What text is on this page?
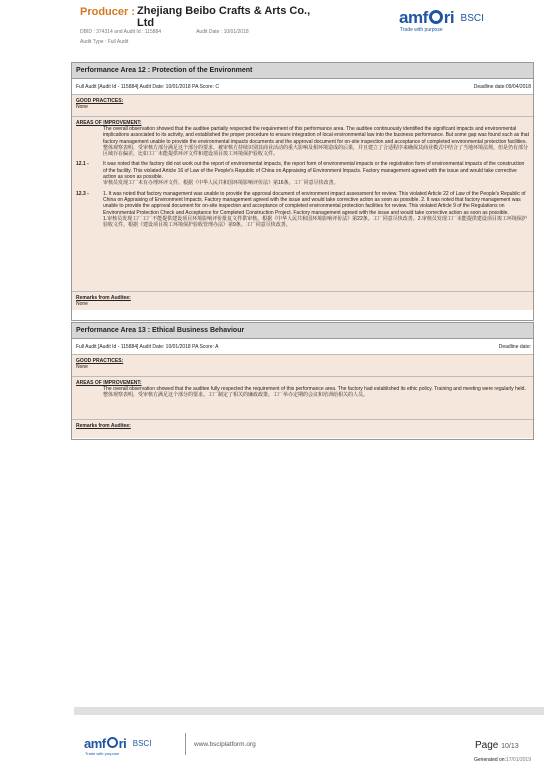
Producer : Zhejiang Beibo Crafts & Arts Co., Ltd
DBID : 374314 and Audit Id : 115884	Audit Date : 10/01/2018
Audit Type : Full Audit
amf ri BSCI
Trade with purpose
Performance Area 12 : Protection of the Environment
Full Audit [Audit Id - 115884] Audit Date: 10/01/2018 PA Score: C	Deadline date:09/04/2018
GOOD PRACTICES:
None
AREAS OF IMPROVEMENT:
The overall observation showed that the auditee partially respected the requirement of this performance area. The auditee continuously identified the significant impacts and environmental implications associated to its activity, and established the proper procedure to ensure integration of local environmental law into the business performance. But some gap was found such as that factory management unable to provide the environmental impacts documents and the approval document for on-site inspection and acceptance of completed environmental protection facilities.
整体观察表明，受审核方部分满足这个部分的要求。被审核方持续识别其商业活动的重大影响及相环境造成的后果，并且建立了合适程序来确保其商业模式中结合了当地环境法规。但是仍有部分区域存在偏差，比如工厂未能提供环评文件和建设项目竣工环境保护验收文件。
12.1 -	It was noted that the factory did not work out the report of environmental impacts, the report form of environmental impacts or the registration form of environmental impacts of the construction of the facility. This violated Article 16 of Law of the People's Republic of China on Appraising of Environment Impacts. Factory management agreed with the issue and would take corrective action as soon as possible.
审核员发现工厂未有办理环评文件。根据《中华人民共和国环境影响评价法》第16条。工厂同意尽快改善。
12.3 -	1. It was noted that factory management was unable to provide the approval document of environment impact assessment for review. This violated Article 22 of Law of the People's Republic of China on Appraising of Environment Impacts. Factory management agreed with the issue and would take corrective action as soon as possible. 2. It was noted that factory management was unable to provide the approval document for on-site inspection and acceptance of completed environmental protection facilities for review. This violated Article 9 of the Regulations on Environmental Protection Check and Acceptance for Completed Construction Project. Factory management agreed with the issue and would take corrective action as soon as possible.
1.审核员发现工厂工厂不能提供建设项目环境影响评价批复文件供审核。根据《中华人民共和国环境影响评价法》第22条。工厂同意尽快改善。2.审核员发现工厂未能提供建设项目竣工环境保护验收文件。根据《建设项目竣工环境保护验收管理办法》第9条。工厂同意尽快改善。
Remarks from Auditee:
None
Performance Area 13 : Ethical Business Behaviour
Full Audit [Audit Id - 115884] Audit Date: 10/01/2018 PA Score: A	Deadline date:
GOOD PRACTICES:
None
AREAS OF IMPROVEMENT:
The overall observation showed that the auditee fully respected the requirement of this performance area. The factory had established its ethic policy. Training and meeting were regularly held.
整体观察表明，受审核方满足这个部分的要求。工厂制定了相关的廉政政策。工厂举办定期的会议和培训给相关的人员。
Remarks from Auditee:
amf ri BSCI
Trade with purpose
www.bsciplatform.org	Page 10/13
Generated on:17/01/2019
